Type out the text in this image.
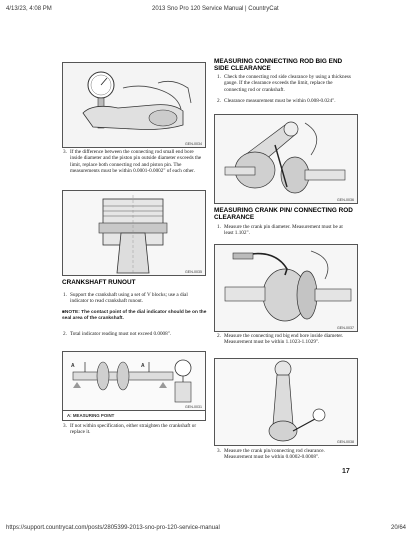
4/13/23, 4:08 PM	2013 Sno Pro 120 Service Manual | CountryCat
GEN-0034

3. If the difference between the connecting rod small end bore inside diameter and the piston pin outside diameter exceeds the limit, replace both connecting rod and piston pin. The measurements must be within 0.0001-0.0002" of each other.

GEN-0035
CRANKSHAFT RUNOUT

1. Support the crankshaft using a set of V blocks; use a dial indicator to read crankshaft runout.

■NOTE: The contact point of the dial indicator should be on the seal area of the crankshaft.

2. Total indicator reading must not exceed 0.0008".

A	A
A: MEASURING POINT
GEN-0031

3. If not within specification, either straighten the crankshaft or replace it.

MEASURING CONNECTING ROD BIG END SIDE CLEARANCE

1. Check the connecting rod side clearance by using a thickness gauge. If the clearance exceeds the limit, replace the connecting rod or crankshaft.

2. Clearance measurement must be within 0.008-0.024".

GEN-0036
MEASURING CRANK PIN/ CONNECTING ROD CLEARANCE

1. Measure the crank pin diameter. Measurement must be at least 1.102".

GEN-0037

2. Measure the connecting rod big end bore inside diameter. Measurement must be within 1.1023-1.1029".

GEN-0038

3. Measure the crank pin/connecting rod clearance. Measurement must be within 0.0002-0.0008".

17
https://support.countrycat.com/posts/2805399-2013-sno-pro-120-service-manual	20/64
